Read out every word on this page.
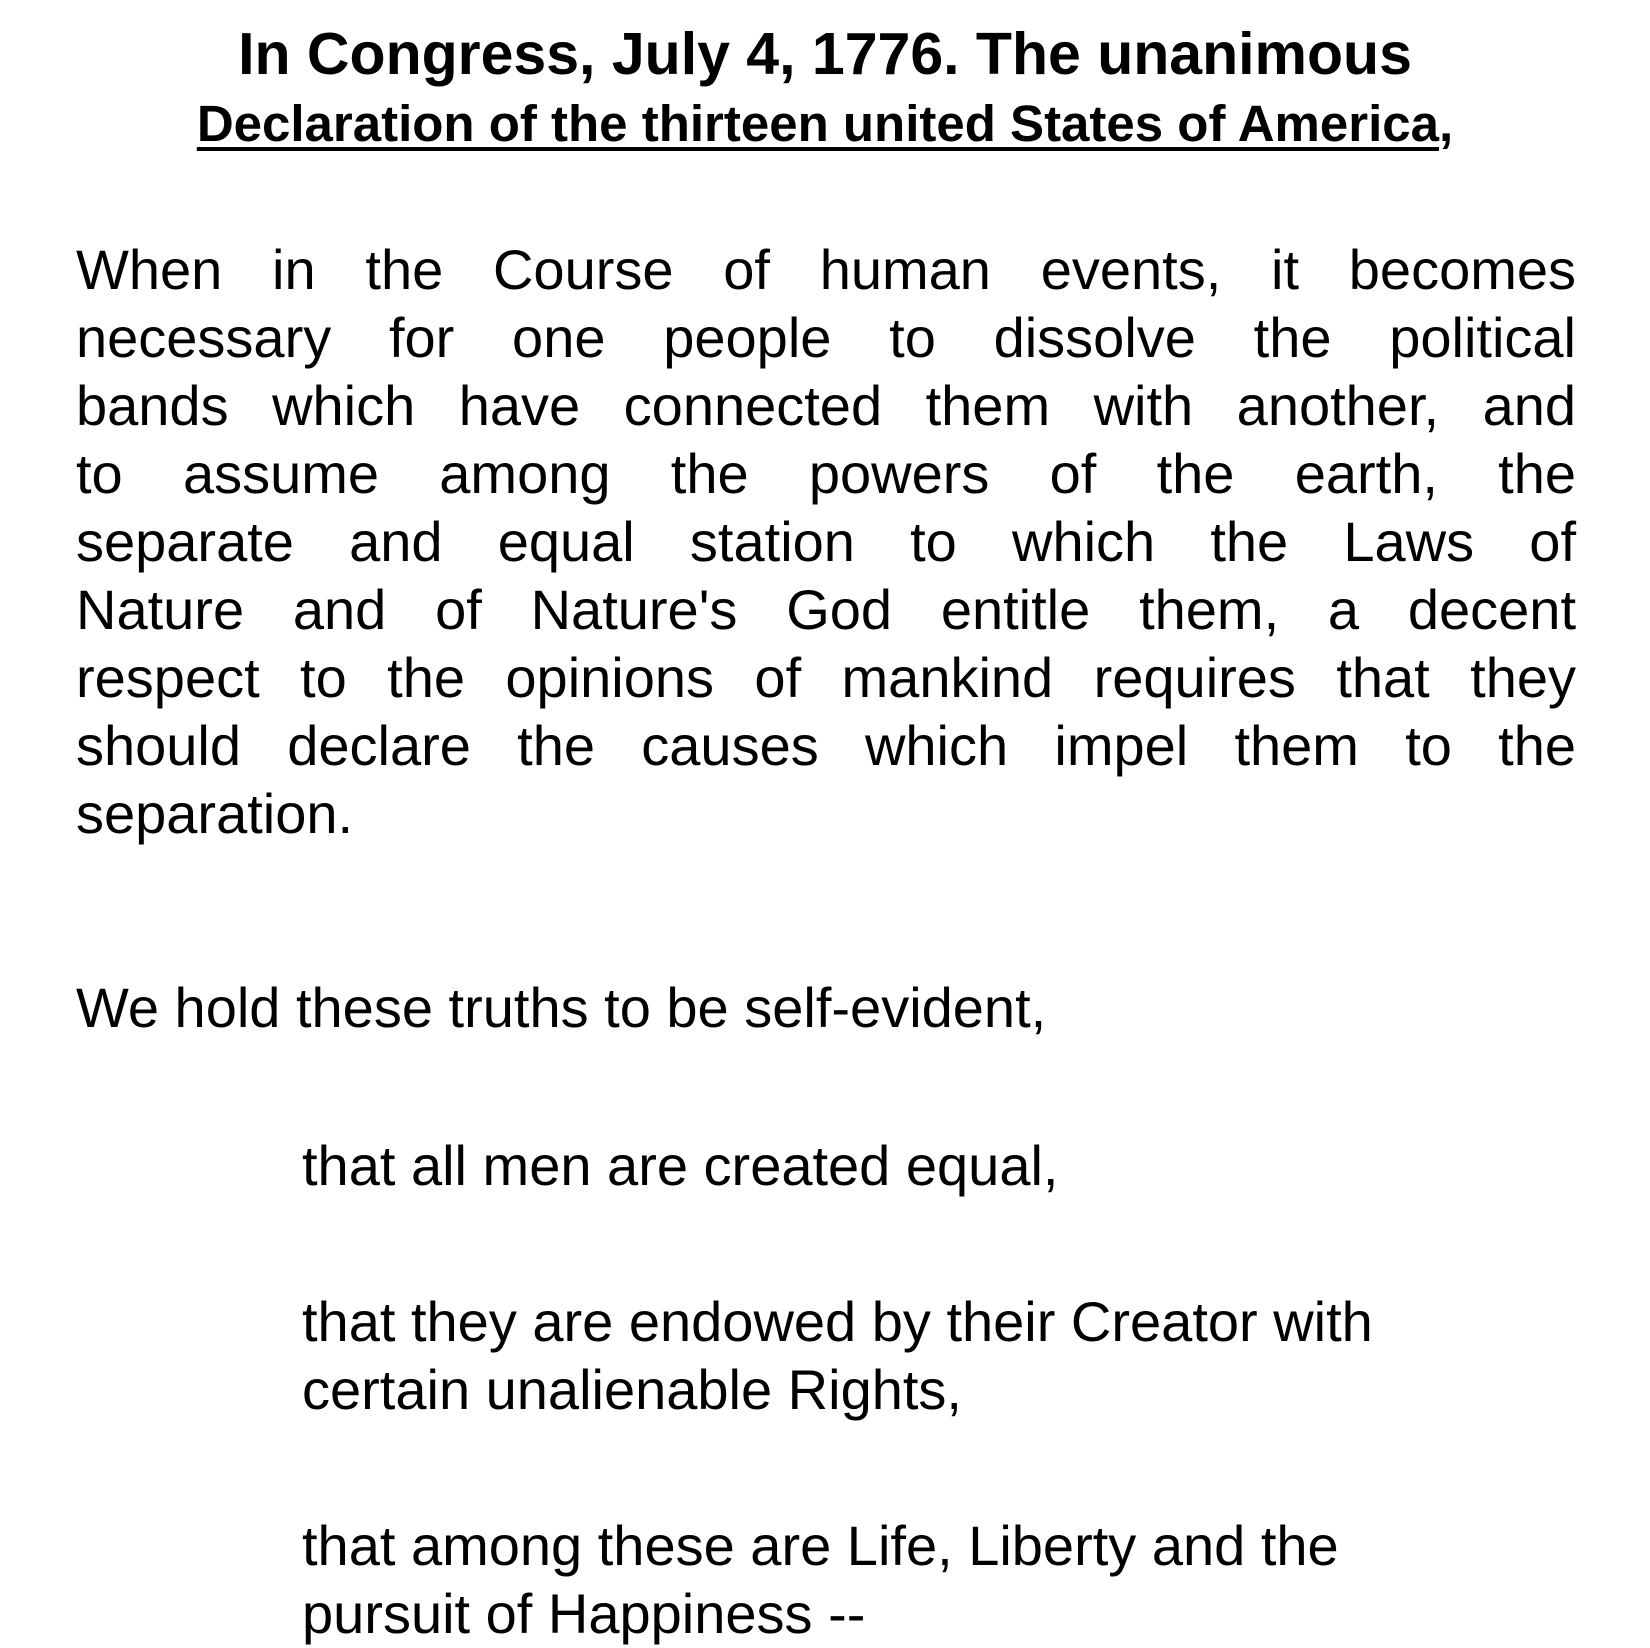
In Congress, July 4, 1776. The unanimous
Declaration of the thirteen united States of America,
When in the Course of human events, it becomes
necessary for one people to dissolve the political
bands which have connected them with another, and
to assume among the powers of the earth, the
separate and equal station to which the Laws of
Nature and of Nature's God entitle them, a decent
respect to the opinions of mankind requires that they
should declare the causes which impel them to the
separation.
We hold these truths to be self-evident,
that all men are created equal,
that they are endowed by their Creator with
certain unalienable Rights,
that among these are Life, Liberty and the
pursuit of Happiness --
